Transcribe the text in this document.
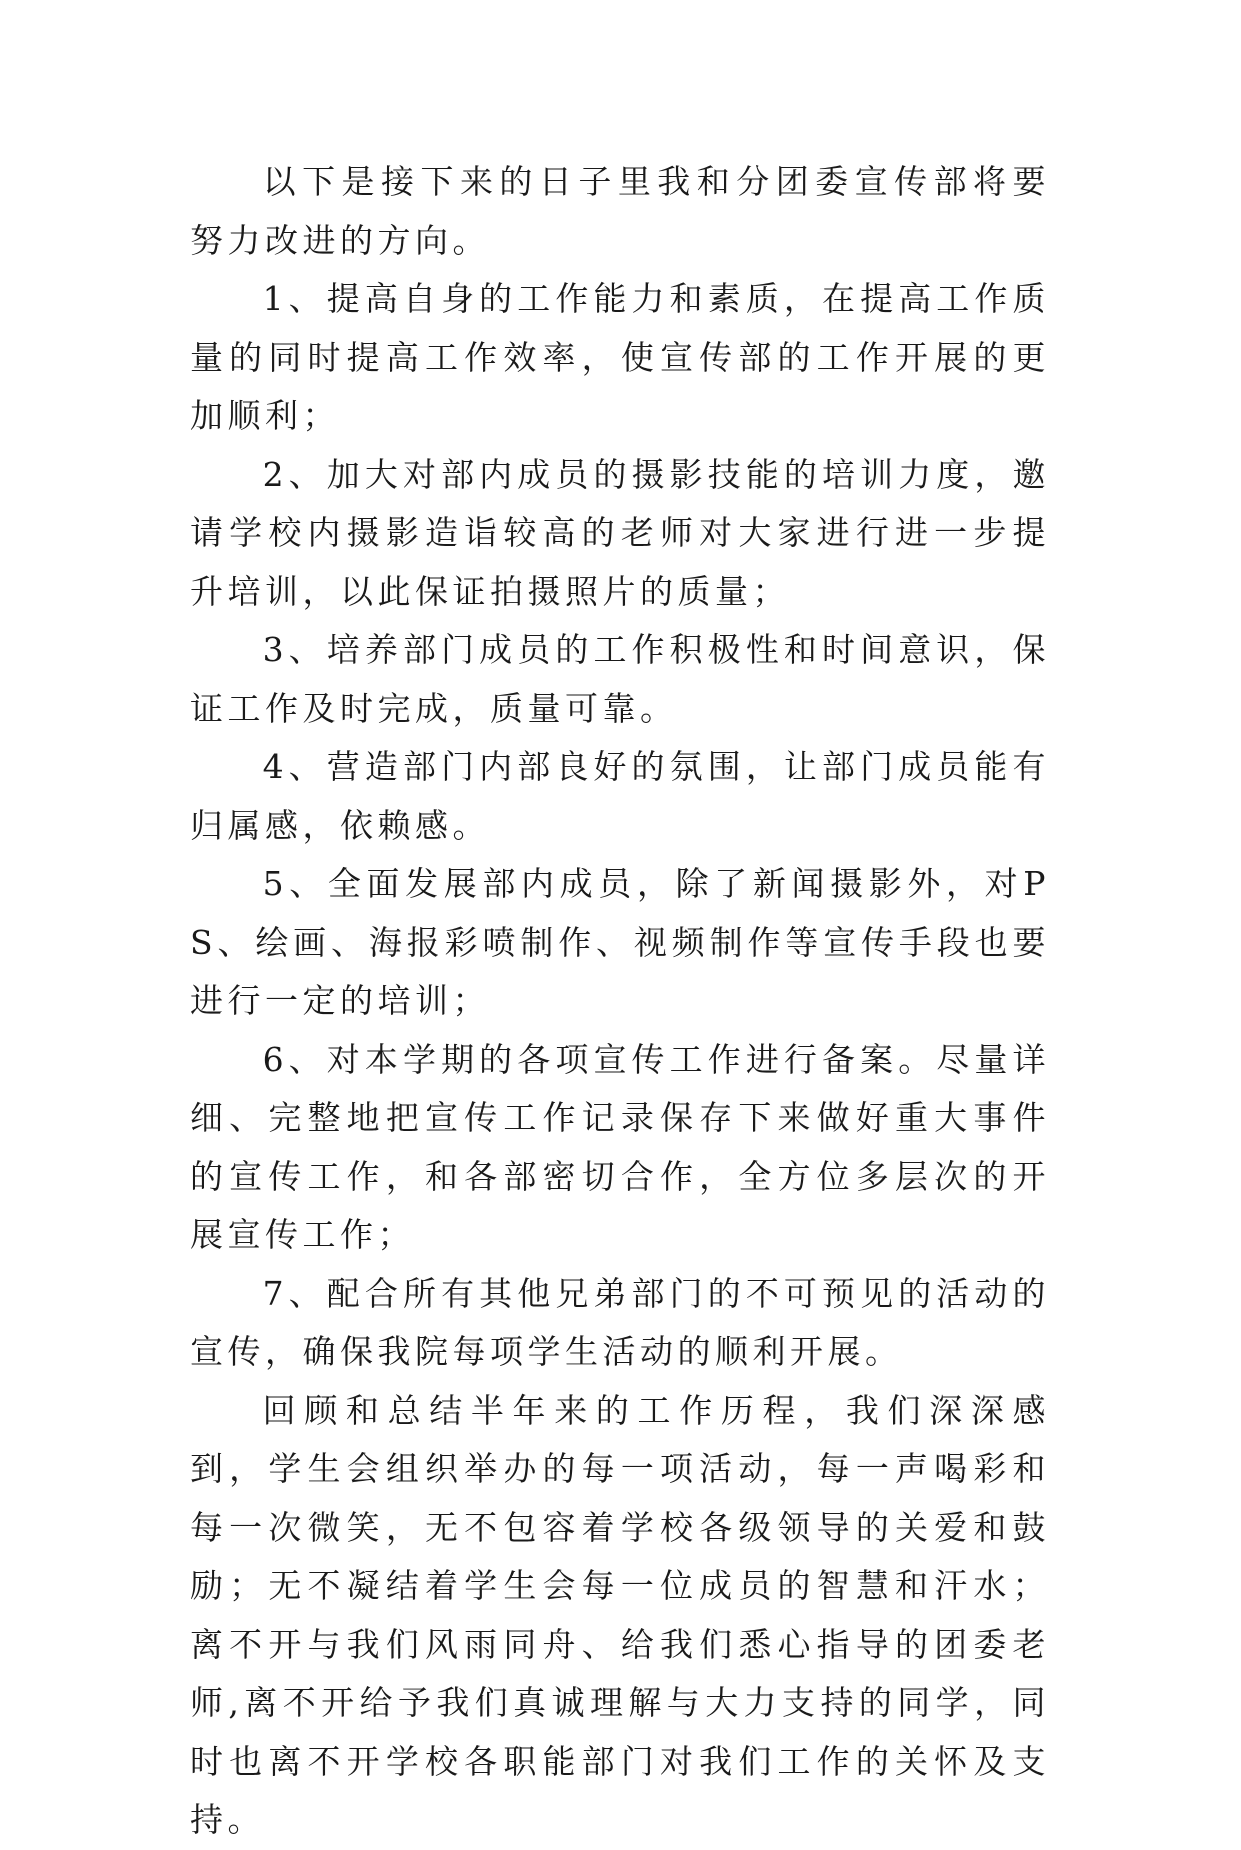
以下是接下来的日子里我和分团委宣传部将要努力改进的方向。

1、提高自身的工作能力和素质，在提高工作质量的同时提高工作效率，使宣传部的工作开展的更加顺利；

2、加大对部内成员的摄影技能的培训力度，邀请学校内摄影造诣较高的老师对大家进行进一步提升培训，以此保证拍摄照片的质量；

3、培养部门成员的工作积极性和时间意识，保证工作及时完成，质量可靠。

4、营造部门内部良好的氛围，让部门成员能有归属感，依赖感。

5、全面发展部内成员，除了新闻摄影外，对PS、绘画、海报彩喷制作、视频制作等宣传手段也要进行一定的培训；

6、对本学期的各项宣传工作进行备案。尽量详细、完整地把宣传工作记录保存下来做好重大事件的宣传工作，和各部密切合作，全方位多层次的开展宣传工作；

7、配合所有其他兄弟部门的不可预见的活动的宣传，确保我院每项学生活动的顺利开展。

回顾和总结半年来的工作历程，我们深深感到，学生会组织举办的每一项活动，每一声喝彩和每一次微笑，无不包容着学校各级领导的关爱和鼓励；无不凝结着学生会每一位成员的智慧和汗水；离不开与我们风雨同舟、给我们悉心指导的团委老师,离不开给予我们真诚理解与大力支持的同学，同时也离不开学校各职能部门对我们工作的关怀及支持。
